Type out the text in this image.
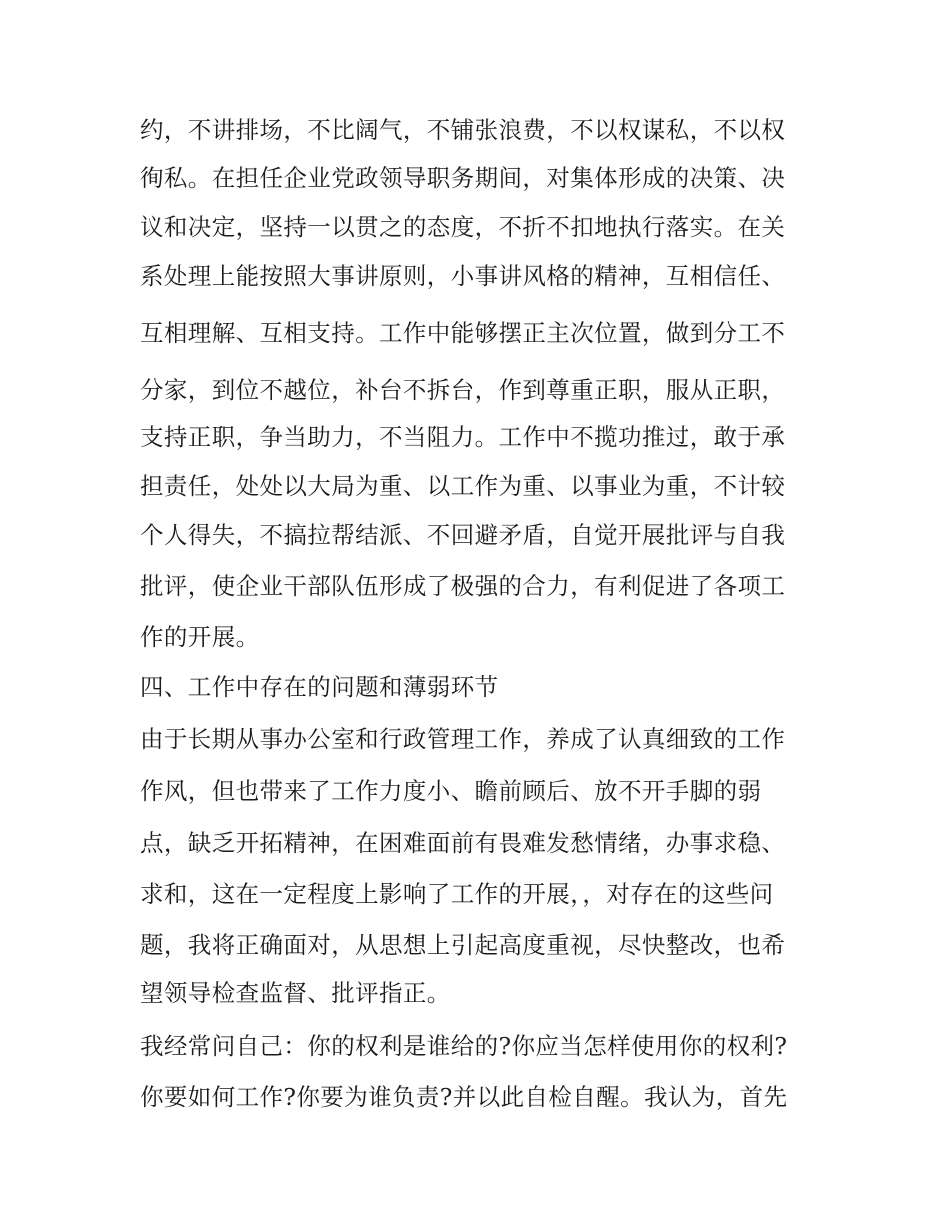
约，不讲排场，不比阔气，不铺张浪费，不以权谋私，不以权
徇私。在担任企业党政领导职务期间，对集体形成的决策、决
议和决定，坚持一以贯之的态度，不折不扣地执行落实。在关
系处理上能按照大事讲原则，小事讲风格的精神，互相信任、
互相理解、互相支持。工作中能够摆正主次位置，做到分工不
分家，到位不越位，补台不拆台，作到尊重正职，服从正职，
支持正职，争当助力，不当阻力。工作中不揽功推过，敢于承
担责任，处处以大局为重、以工作为重、以事业为重，不计较
个人得失，不搞拉帮结派、不回避矛盾，自觉开展批评与自我
批评，使企业干部队伍形成了极强的合力，有利促进了各项工
作的开展。
四、工作中存在的问题和薄弱环节
由于长期从事办公室和行政管理工作，养成了认真细致的工作
作风，但也带来了工作力度小、瞻前顾后、放不开手脚的弱
点，缺乏开拓精神，在困难面前有畏难发愁情绪，办事求稳、
求和，这在一定程度上影响了工作的开展，，对存在的这些问
题，我将正确面对，从思想上引起高度重视，尽快整改，也希
望领导检查监督、批评指正。
我经常问自己：你的权利是谁给的?你应当怎样使用你的权利?
你要如何工作?你要为谁负责?并以此自检自醒。我认为，首先
